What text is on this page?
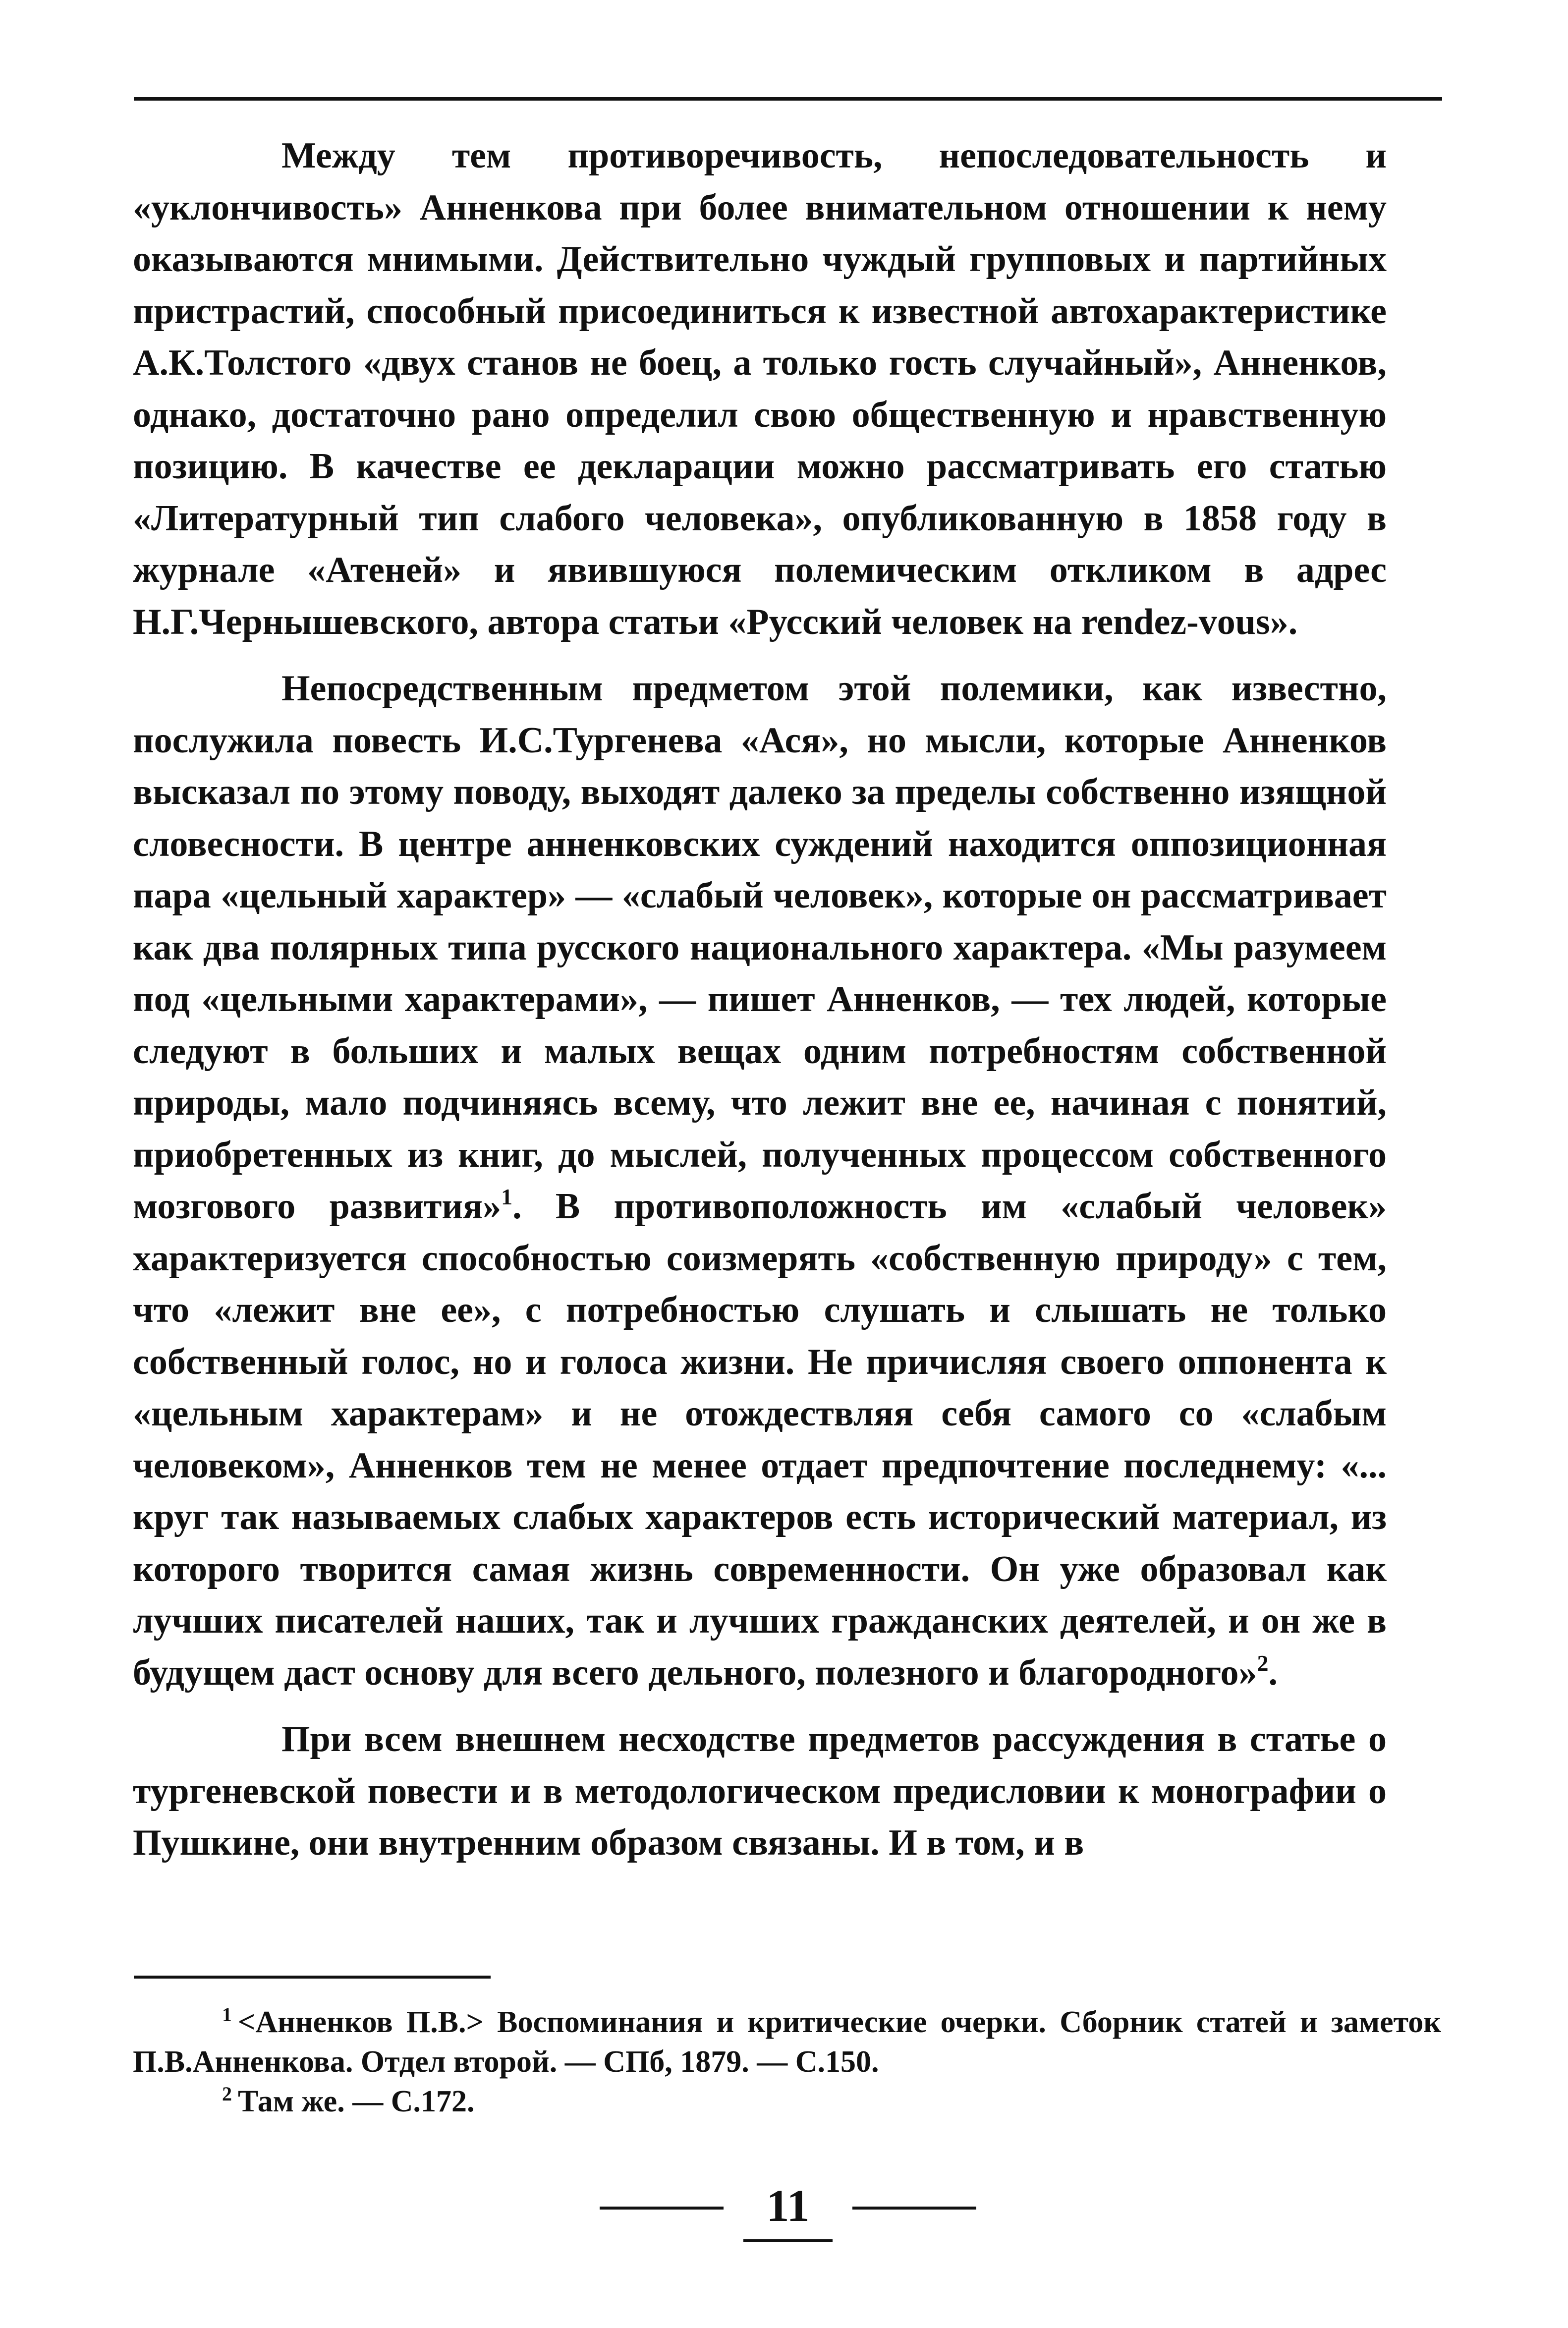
Между тем противоречивость, непоследовательность и «уклончивость» Анненкова при более внимательном отношении к нему оказываются мнимыми. Действительно чуждый групповых и партийных пристрастий, способный присоединиться к известной автохарактеристике А.К.Толстого «двух станов не боец, а только гость случайный», Анненков, однако, достаточно рано определил свою общественную и нравственную позицию. В качестве ее декларации можно рассматривать его статью «Литературный тип слабого человека», опубликованную в 1858 году в журнале «Атеней» и явившуюся полемическим откликом в адрес Н.Г.Чернышевского, автора статьи «Русский человек на rendez-vous».

Непосредственным предметом этой полемики, как известно, послужила повесть И.С.Тургенева «Ася», но мысли, которые Анненков высказал по этому поводу, выходят далеко за пределы собственно изящной словесности. В центре анненковских суждений находится оппозиционная пара «цельный характер» — «слабый человек», которые он рассматривает как два полярных типа русского национального характера. «Мы разумеем под «цельными характерами», — пишет Анненков, — тех людей, которые следуют в больших и малых вещах одним потребностям собственной природы, мало подчиняясь всему, что лежит вне ее, начиная с понятий, приобретенных из книг, до мыслей, полученных процессом собственного мозгового развития»$^1$. В противоположность им «слабый человек» характеризуется способностью соизмерять «собственную природу» с тем, что «лежит вне ее», с потребностью слушать и слышать не только собственный голос, но и голоса жизни. Не причисляя своего оппонента к «цельным характерам» и не отождествляя себя самого со «слабым человеком», Анненков тем не менее отдает предпочтение последнему: «... круг так называемых слабых характеров есть исторический материал, из которого творится самая жизнь современности. Он уже образовал как лучших писателей наших, так и лучших гражданских деятелей, и он же в будущем даст основу для всего дельного, полезного и благородного»$^2$.

При всем внешнем несходстве предметов рассуждения в статье о тургеневской повести и в методологическом предисловии к монографии о Пушкине, они внутренним образом связаны. И в том, и в

$^1$ <Анненков П.В.> Воспоминания и критические очерки. Сборник статей и заметок П.В.Анненкова. Отдел второй. — СПб, 1879. — С.150.

$^2$ Там же. — С.172.

11
